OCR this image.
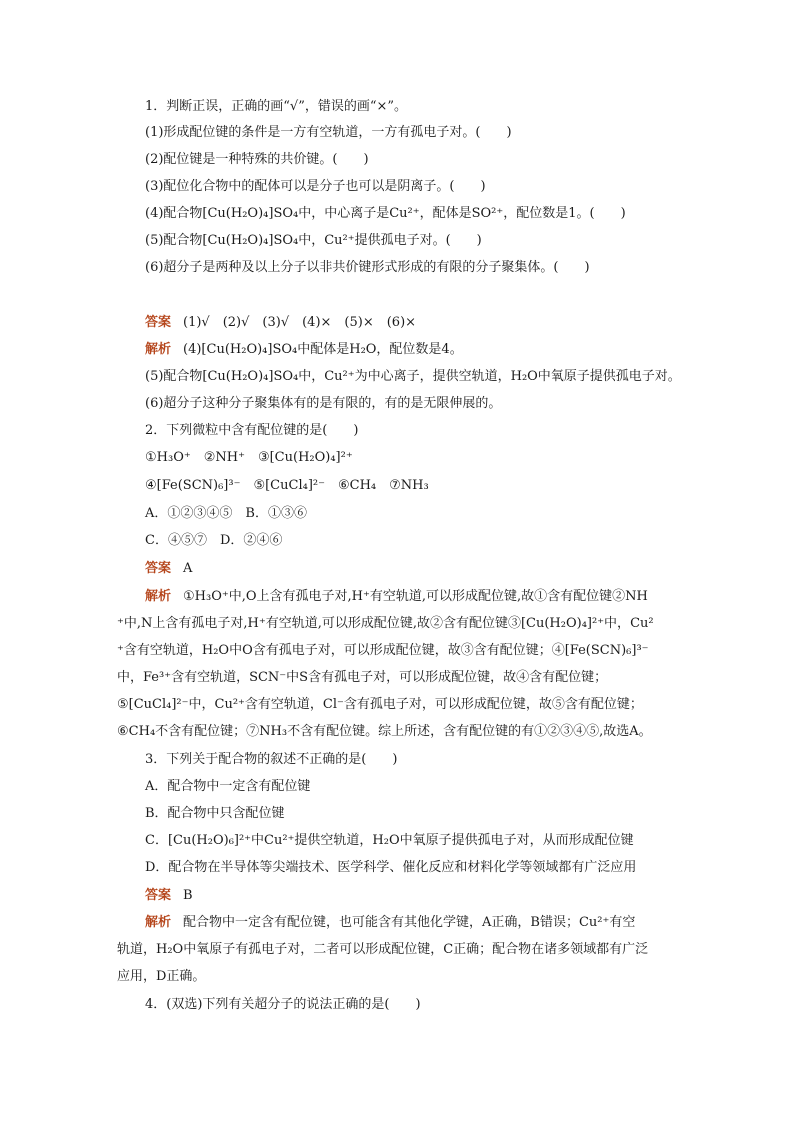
1．判断正误，正确的画“√”，错误的画“×”。
(1)形成配位键的条件是一方有空轨道，一方有孤电子对。(　　)
(2)配位键是一种特殊的共价键。(　　)
(3)配位化合物中的配体可以是分子也可以是阴离子。(　　)
(4)配合物[Cu(H₂O)₄]SO₄中，中心离子是Cu²⁺，配体是SO²⁺，配位数是1。(　　)
(5)配合物[Cu(H₂O)₄]SO₄中，Cu²⁺提供孤电子对。(　　)
(6)超分子是两种及以上分子以非共价键形式形成的有限的分子聚集体。(　　)
答案 (1)√　(2)√　(3)√　(4)×　(5)×　(6)×
解析 (4)[Cu(H₂O)₄]SO₄中配体是H₂O，配位数是4。
(5)配合物[Cu(H₂O)₄]SO₄中，Cu²⁺为中心离子，提供空轨道，H₂O中氧原子提供孤电子对。
(6)超分子这种分子聚集体有的是有限的，有的是无限伸展的。
2．下列微粒中含有配位键的是(　　)
①H₃O⁺　②NH⁺　③[Cu(H₂O)₄]²⁺
④[Fe(SCN)₆]³⁻　⑤[CuCl₄]²⁻　⑥CH₄　⑦NH₃
A．①②③④⑤　B．①③⑥
C．④⑤⑦　D．②④⑥
答案 A
解析 ①H₃O⁺中,O上含有孤电子对,H⁺有空轨道,可以形成配位键,故①含有配位键②NH
⁺中,N上含有孤电子对,H⁺有空轨道,可以形成配位键,故②含有配位键③[Cu(H₂O)₄]²⁺中，Cu²
⁺含有空轨道，H₂O中O含有孤电子对，可以形成配位键，故③含有配位键；④[Fe(SCN)₆]³⁻
中，Fe³⁺含有空轨道，SCN⁻中S含有孤电子对，可以形成配位键，故④含有配位键；
⑤[CuCl₄]²⁻中，Cu²⁺含有空轨道，Cl⁻含有孤电子对，可以形成配位键，故⑤含有配位键；
⑥CH₄不含有配位键；⑦NH₃不含有配位键。综上所述，含有配位键的有①②③④⑤,故选A。
3．下列关于配合物的叙述不正确的是(　　)
A．配合物中一定含有配位键
B．配合物中只含配位键
C．[Cu(H₂O)₆]²⁺中Cu²⁺提供空轨道，H₂O中氧原子提供孤电子对，从而形成配位键
D．配合物在半导体等尖端技术、医学科学、催化反应和材料化学等领域都有广泛应用
答案 B
解析 配合物中一定含有配位键，也可能含有其他化学键，A正确，B错误；Cu²⁺有空
轨道，H₂O中氧原子有孤电子对，二者可以形成配位键，C正确；配合物在诸多领域都有广泛
应用，D正确。
4．(双选)下列有关超分子的说法正确的是(　　)
